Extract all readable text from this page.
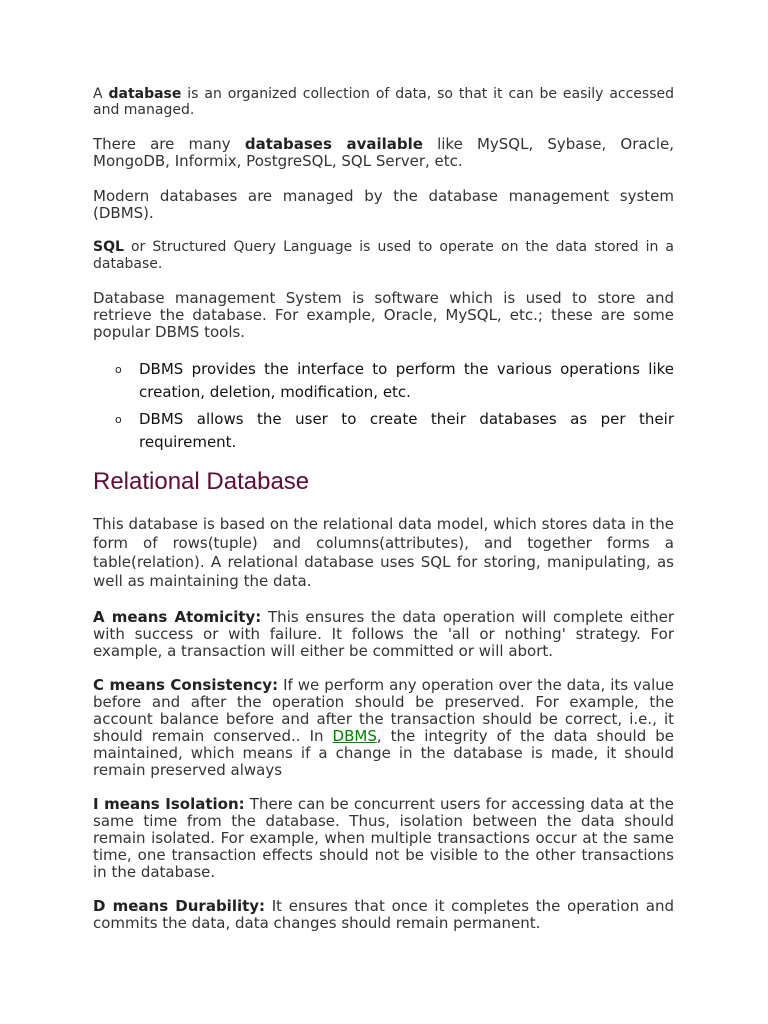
A database is an organized collection of data, so that it can be easily accessed and managed.

There are many databases available like MySQL, Sybase, Oracle, MongoDB, Informix, PostgreSQL, SQL Server, etc.

Modern databases are managed by the database management system (DBMS).

SQL or Structured Query Language is used to operate on the data stored in a database.

Database management System is software which is used to store and retrieve the database. For example, Oracle, MySQL, etc.; these are some popular DBMS tools.

o DBMS provides the interface to perform the various operations like creation, deletion, modification, etc.
o DBMS allows the user to create their databases as per their requirement.
Relational Database

This database is based on the relational data model, which stores data in the form of rows(tuple) and columns(attributes), and together forms a table(relation). A relational database uses SQL for storing, manipulating, as well as maintaining the data.

A means Atomicity: This ensures the data operation will complete either with success or with failure. It follows the 'all or nothing' strategy. For example, a transaction will either be committed or will abort.

C means Consistency: If we perform any operation over the data, its value before and after the operation should be preserved. For example, the account balance before and after the transaction should be correct, i.e., it should remain conserved.. In DBMS, the integrity of the data should be maintained, which means if a change in the database is made, it should remain preserved always

I means Isolation: There can be concurrent users for accessing data at the same time from the database. Thus, isolation between the data should remain isolated. For example, when multiple transactions occur at the same time, one transaction effects should not be visible to the other transactions in the database.

D means Durability: It ensures that once it completes the operation and commits the data, data changes should remain permanent.
